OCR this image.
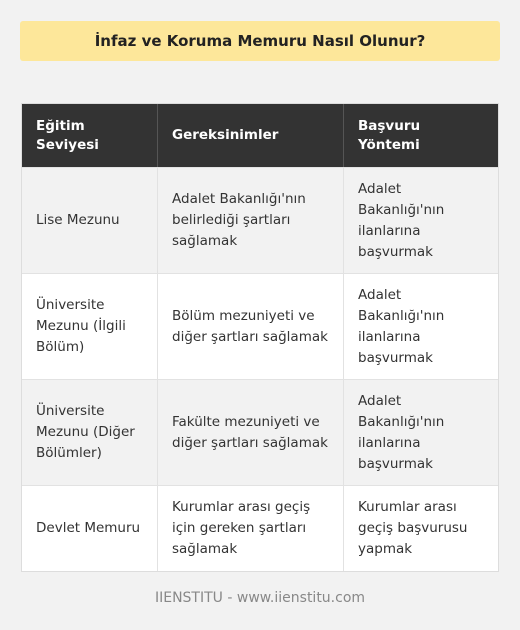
İnfaz ve Koruma Memuru Nasıl Olunur?
Eğitim Seviyesi
Gereksinimler
Başvuru Yöntemi
Lise Mezunu
Adalet Bakanlığı'nın belirlediği şartları sağlamak
Adalet Bakanlığı'nın ilanlarına başvurmak
Üniversite Mezunu (İlgili Bölüm)
Bölüm mezuniyeti ve diğer şartları sağlamak
Adalet Bakanlığı'nın ilanlarına başvurmak
Üniversite Mezunu (Diğer Bölümler)
Fakülte mezuniyeti ve diğer şartları sağlamak
Adalet Bakanlığı'nın ilanlarına başvurmak
Devlet Memuru
Kurumlar arası geçiş için gereken şartları sağlamak
Kurumlar arası geçiş başvurusu yapmak
IIENSTITU - www.iienstitu.com
